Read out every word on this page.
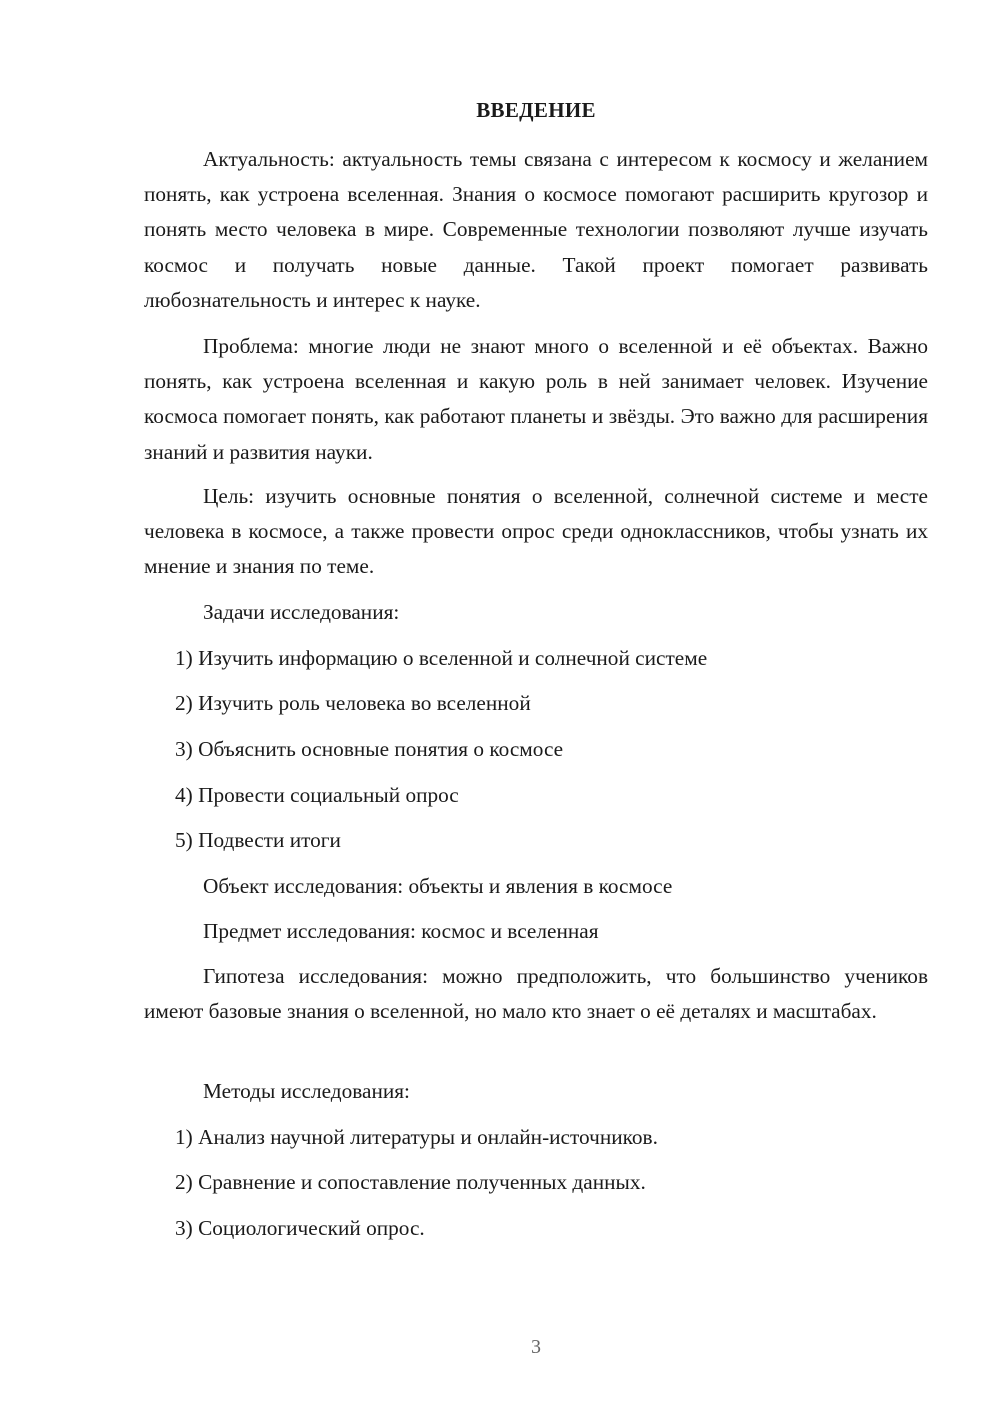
ВВЕДЕНИЕ

Актуальность: актуальность темы связана с интересом к космосу и желанием понять, как устроена вселенная. Знания о космосе помогают расширить кругозор и понять место человека в мире. Современные технологии позволяют лучше изучать космос и получать новые данные. Такой проект помогает развивать любознательность и интерес к науке.

Проблема: многие люди не знают много о вселенной и её объектах. Важно понять, как устроена вселенная и какую роль в ней занимает человек. Изучение космоса помогает понять, как работают планеты и звёзды. Это важно для расширения знаний и развития науки.

Цель: изучить основные понятия о вселенной, солнечной системе и месте человека в космосе, а также провести опрос среди одноклассников, чтобы узнать их мнение и знания по теме.

Задачи исследования:

1) Изучить информацию о вселенной и солнечной системе

2) Изучить роль человека во вселенной

3) Объяснить основные понятия о космосе

4) Провести социальный опрос

5) Подвести итоги

Объект исследования: объекты и явления в космосе

Предмет исследования: космос и вселенная

Гипотеза исследования: можно предположить, что большинство учеников имеют базовые знания о вселенной, но мало кто знает о её деталях и масштабах.

Методы исследования:

1) Анализ научной литературы и онлайн-источников.

2) Сравнение и сопоставление полученных данных.

3) Социологический опрос.

3
